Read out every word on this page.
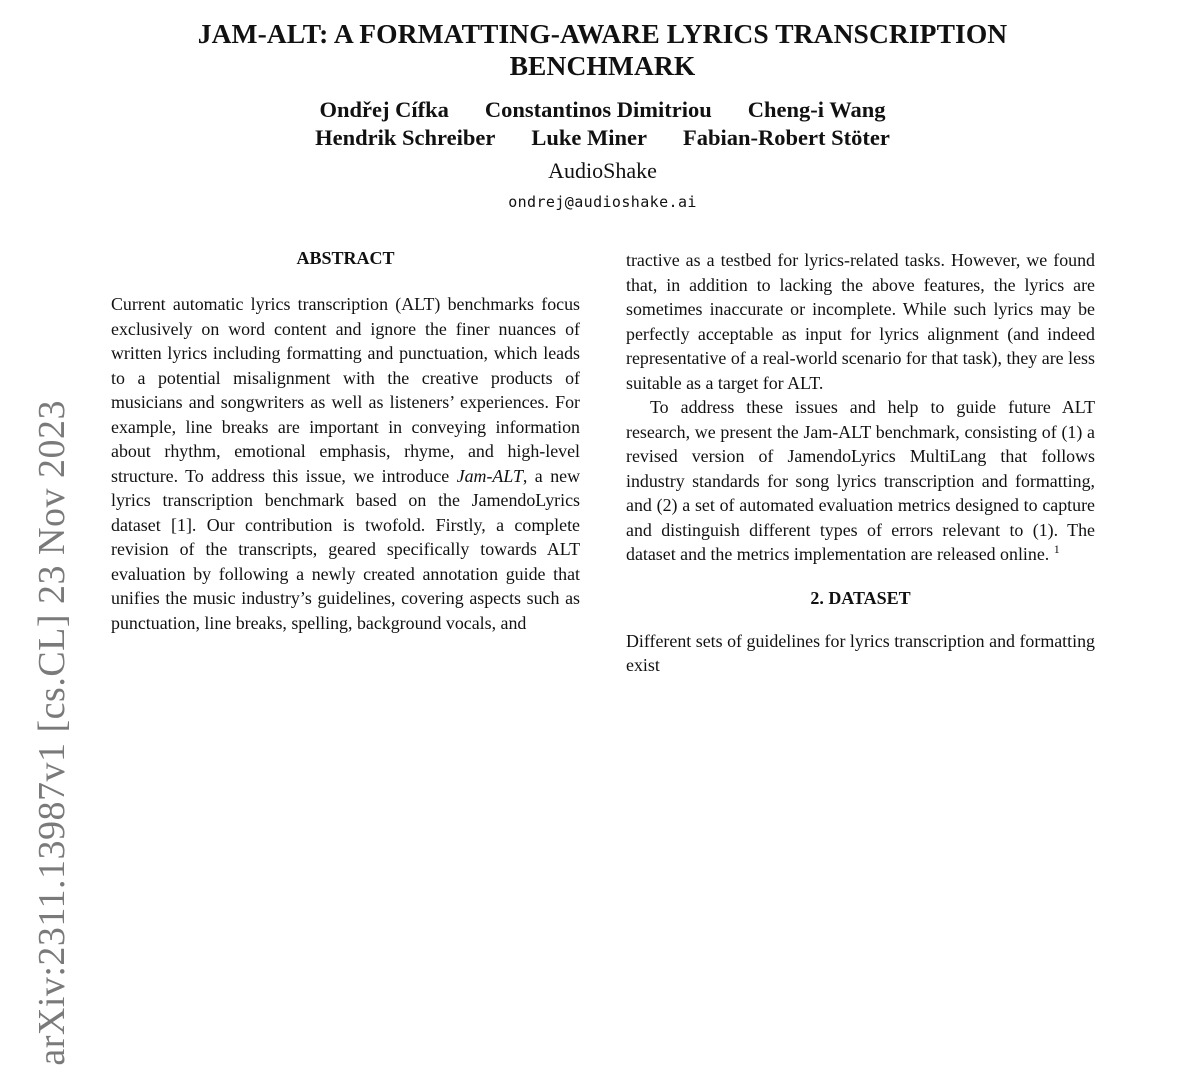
JAM-ALT: A FORMATTING-AWARE LYRICS TRANSCRIPTION
BENCHMARK
Ondřej Cífka Constantinos Dimitriou Cheng-i Wang
Hendrik Schreiber Luke Miner Fabian-Robert Stöter
AudioShake
ondrej@audioshake.ai
arXiv:2311.13987v1 [cs.CL] 23 Nov 2023
ABSTRACT

Current automatic lyrics transcription (ALT) benchmarks focus exclusively on word content and ignore the finer nuances of written lyrics including formatting and punctuation, which leads to a potential misalignment with the creative products of musicians and songwriters as well as listeners’ experiences. For example, line breaks are important in conveying information about rhythm, emotional emphasis, rhyme, and high-level structure. To address this issue, we introduce Jam-ALT, a new lyrics transcription benchmark based on the JamendoLyrics dataset [1]. Our contribution is twofold. Firstly, a complete revision of the transcripts, geared specifically towards ALT evaluation by following a newly created annotation guide that unifies the music industry’s guidelines, covering aspects such as punctuation, line breaks, spelling, background vocals, and

tractive as a testbed for lyrics-related tasks. However, we found that, in addition to lacking the above features, the lyrics are sometimes inaccurate or incomplete. While such lyrics may be perfectly acceptable as input for lyrics alignment (and indeed representative of a real-world scenario for that task), they are less suitable as a target for ALT.

To address these issues and help to guide future ALT research, we present the Jam-ALT benchmark, consisting of (1) a revised version of JamendoLyrics MultiLang that follows industry standards for song lyrics transcription and formatting, and (2) a set of automated evaluation metrics designed to capture and distinguish different types of errors relevant to (1). The dataset and the metrics implementation are released online. $^1$

2. DATASET

Different sets of guidelines for lyrics transcription and formatting exist
